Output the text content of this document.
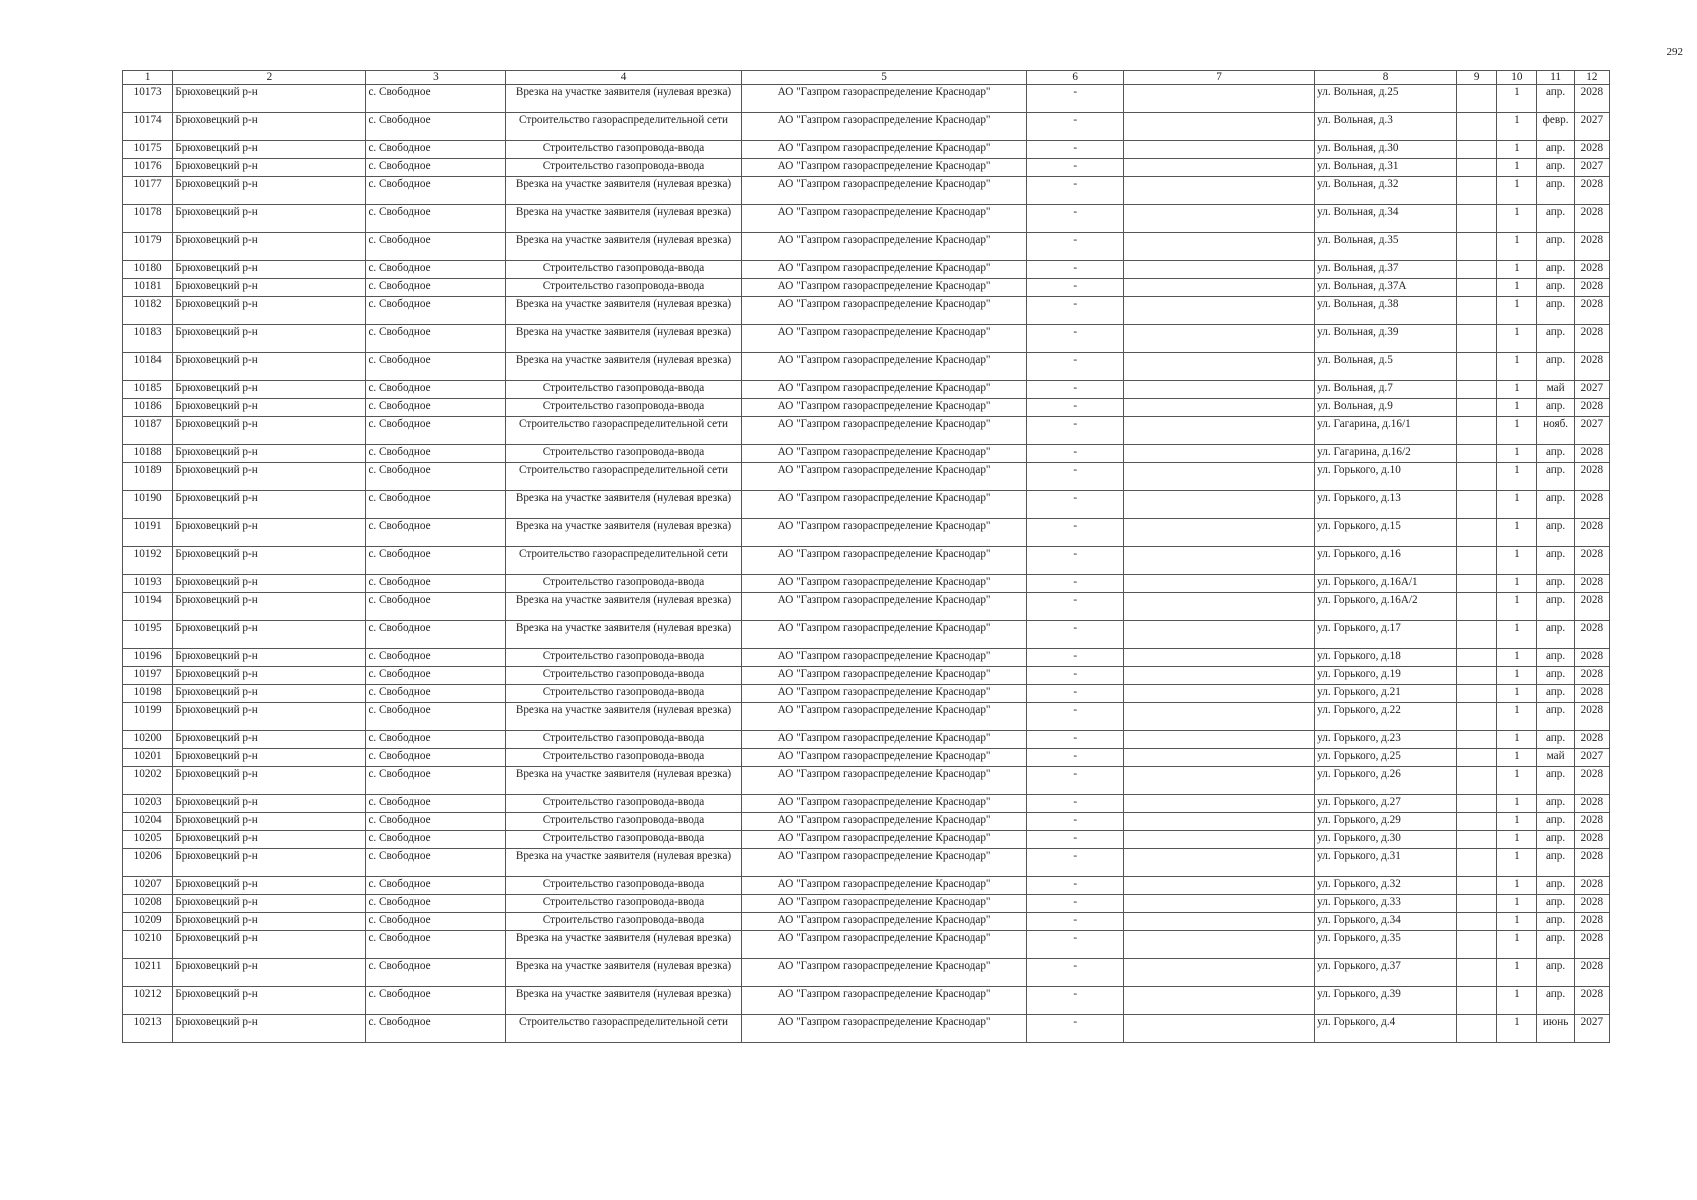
292
1	2	3	4	5	6	7	8	9	10	11	12
10173	Брюховецкий р-н	с. Свободное	Врезка на участке заявителя (нулевая врезка)	АО "Газпром газораспределение Краснодар"	-		ул. Вольная, д.25		1	апр.	2028
10174	Брюховецкий р-н	с. Свободное	Строительство газораспределительной сети	АО "Газпром газораспределение Краснодар"	-		ул. Вольная, д.3		1	февр.	2027
10175	Брюховецкий р-н	с. Свободное	Строительство газопровода-ввода	АО "Газпром газораспределение Краснодар"	-		ул. Вольная, д.30		1	апр.	2028
10176	Брюховецкий р-н	с. Свободное	Строительство газопровода-ввода	АО "Газпром газораспределение Краснодар"	-		ул. Вольная, д.31		1	апр.	2027
10177	Брюховецкий р-н	с. Свободное	Врезка на участке заявителя (нулевая врезка)	АО "Газпром газораспределение Краснодар"	-		ул. Вольная, д.32		1	апр.	2028
10178	Брюховецкий р-н	с. Свободное	Врезка на участке заявителя (нулевая врезка)	АО "Газпром газораспределение Краснодар"	-		ул. Вольная, д.34		1	апр.	2028
10179	Брюховецкий р-н	с. Свободное	Врезка на участке заявителя (нулевая врезка)	АО "Газпром газораспределение Краснодар"	-		ул. Вольная, д.35		1	апр.	2028
10180	Брюховецкий р-н	с. Свободное	Строительство газопровода-ввода	АО "Газпром газораспределение Краснодар"	-		ул. Вольная, д.37		1	апр.	2028
10181	Брюховецкий р-н	с. Свободное	Строительство газопровода-ввода	АО "Газпром газораспределение Краснодар"	-		ул. Вольная, д.37А		1	апр.	2028
10182	Брюховецкий р-н	с. Свободное	Врезка на участке заявителя (нулевая врезка)	АО "Газпром газораспределение Краснодар"	-		ул. Вольная, д.38		1	апр.	2028
10183	Брюховецкий р-н	с. Свободное	Врезка на участке заявителя (нулевая врезка)	АО "Газпром газораспределение Краснодар"	-		ул. Вольная, д.39		1	апр.	2028
10184	Брюховецкий р-н	с. Свободное	Врезка на участке заявителя (нулевая врезка)	АО "Газпром газораспределение Краснодар"	-		ул. Вольная, д.5		1	апр.	2028
10185	Брюховецкий р-н	с. Свободное	Строительство газопровода-ввода	АО "Газпром газораспределение Краснодар"	-		ул. Вольная, д.7		1	май	2027
10186	Брюховецкий р-н	с. Свободное	Строительство газопровода-ввода	АО "Газпром газораспределение Краснодар"	-		ул. Вольная, д.9		1	апр.	2028
10187	Брюховецкий р-н	с. Свободное	Строительство газораспределительной сети	АО "Газпром газораспределение Краснодар"	-		ул. Гагарина, д.16/1		1	нояб.	2027
10188	Брюховецкий р-н	с. Свободное	Строительство газопровода-ввода	АО "Газпром газораспределение Краснодар"	-		ул. Гагарина, д.16/2		1	апр.	2028
10189	Брюховецкий р-н	с. Свободное	Строительство газораспределительной сети	АО "Газпром газораспределение Краснодар"	-		ул. Горького, д.10		1	апр.	2028
10190	Брюховецкий р-н	с. Свободное	Врезка на участке заявителя (нулевая врезка)	АО "Газпром газораспределение Краснодар"	-		ул. Горького, д.13		1	апр.	2028
10191	Брюховецкий р-н	с. Свободное	Врезка на участке заявителя (нулевая врезка)	АО "Газпром газораспределение Краснодар"	-		ул. Горького, д.15		1	апр.	2028
10192	Брюховецкий р-н	с. Свободное	Строительство газораспределительной сети	АО "Газпром газораспределение Краснодар"	-		ул. Горького, д.16		1	апр.	2028
10193	Брюховецкий р-н	с. Свободное	Строительство газопровода-ввода	АО "Газпром газораспределение Краснодар"	-		ул. Горького, д.16А/1		1	апр.	2028
10194	Брюховецкий р-н	с. Свободное	Врезка на участке заявителя (нулевая врезка)	АО "Газпром газораспределение Краснодар"	-		ул. Горького, д.16А/2		1	апр.	2028
10195	Брюховецкий р-н	с. Свободное	Врезка на участке заявителя (нулевая врезка)	АО "Газпром газораспределение Краснодар"	-		ул. Горького, д.17		1	апр.	2028
10196	Брюховецкий р-н	с. Свободное	Строительство газопровода-ввода	АО "Газпром газораспределение Краснодар"	-		ул. Горького, д.18		1	апр.	2028
10197	Брюховецкий р-н	с. Свободное	Строительство газопровода-ввода	АО "Газпром газораспределение Краснодар"	-		ул. Горького, д.19		1	апр.	2028
10198	Брюховецкий р-н	с. Свободное	Строительство газопровода-ввода	АО "Газпром газораспределение Краснодар"	-		ул. Горького, д.21		1	апр.	2028
10199	Брюховецкий р-н	с. Свободное	Врезка на участке заявителя (нулевая врезка)	АО "Газпром газораспределение Краснодар"	-		ул. Горького, д.22		1	апр.	2028
10200	Брюховецкий р-н	с. Свободное	Строительство газопровода-ввода	АО "Газпром газораспределение Краснодар"	-		ул. Горького, д.23		1	апр.	2028
10201	Брюховецкий р-н	с. Свободное	Строительство газопровода-ввода	АО "Газпром газораспределение Краснодар"	-		ул. Горького, д.25		1	май	2027
10202	Брюховецкий р-н	с. Свободное	Врезка на участке заявителя (нулевая врезка)	АО "Газпром газораспределение Краснодар"	-		ул. Горького, д.26		1	апр.	2028
10203	Брюховецкий р-н	с. Свободное	Строительство газопровода-ввода	АО "Газпром газораспределение Краснодар"	-		ул. Горького, д.27		1	апр.	2028
10204	Брюховецкий р-н	с. Свободное	Строительство газопровода-ввода	АО "Газпром газораспределение Краснодар"	-		ул. Горького, д.29		1	апр.	2028
10205	Брюховецкий р-н	с. Свободное	Строительство газопровода-ввода	АО "Газпром газораспределение Краснодар"	-		ул. Горького, д.30		1	апр.	2028
10206	Брюховецкий р-н	с. Свободное	Врезка на участке заявителя (нулевая врезка)	АО "Газпром газораспределение Краснодар"	-		ул. Горького, д.31		1	апр.	2028
10207	Брюховецкий р-н	с. Свободное	Строительство газопровода-ввода	АО "Газпром газораспределение Краснодар"	-		ул. Горького, д.32		1	апр.	2028
10208	Брюховецкий р-н	с. Свободное	Строительство газопровода-ввода	АО "Газпром газораспределение Краснодар"	-		ул. Горького, д.33		1	апр.	2028
10209	Брюховецкий р-н	с. Свободное	Строительство газопровода-ввода	АО "Газпром газораспределение Краснодар"	-		ул. Горького, д.34		1	апр.	2028
10210	Брюховецкий р-н	с. Свободное	Врезка на участке заявителя (нулевая врезка)	АО "Газпром газораспределение Краснодар"	-		ул. Горького, д.35		1	апр.	2028
10211	Брюховецкий р-н	с. Свободное	Врезка на участке заявителя (нулевая врезка)	АО "Газпром газораспределение Краснодар"	-		ул. Горького, д.37		1	апр.	2028
10212	Брюховецкий р-н	с. Свободное	Врезка на участке заявителя (нулевая врезка)	АО "Газпром газораспределение Краснодар"	-		ул. Горького, д.39		1	апр.	2028
10213	Брюховецкий р-н	с. Свободное	Строительство газораспределительной сети	АО "Газпром газораспределение Краснодар"	-		ул. Горького, д.4		1	июнь	2027
